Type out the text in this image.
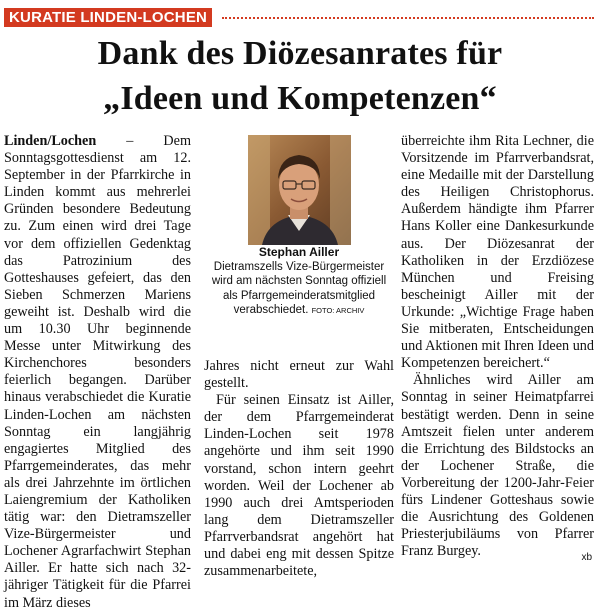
KURATIE LINDEN-LOCHEN
Dank des Diözesanrates für
„Ideen und Kompetenzen“

Linden/Lochen – Dem Sonntagsgottesdienst am 12. September in der Pfarrkirche in Linden kommt aus mehrerlei Gründen besondere Bedeutung zu. Zum einen wird drei Tage vor dem offiziellen Gedenktag das Patrozinium des Gotteshauses gefeiert, das den Sieben Schmerzen Mariens geweiht ist. Deshalb wird die um 10.30 Uhr beginnende Messe unter Mitwirkung des Kirchenchores besonders feierlich begangen. Darüber hinaus verabschiedet die Kuratie Linden-Lochen am nächsten Sonntag ein langjährig engagiertes Mitglied des Pfarrgemeinderates, das mehr als drei Jahrzehnte im örtlichen Laiengremium der Katholiken tätig war: den Dietramszeller Vize-Bürgermeister und Lochener Agrarfachwirt Stephan Ailler. Er hatte sich nach 32-jähriger Tätigkeit für die Pfarrei im März dieses

Stephan Ailler
Dietramszells Vize-Bürgermeister wird am nächsten Sonntag offiziell als Pfarrgemeinderatsmitglied verabschiedet. FOTO: ARCHIV

Jahres nicht erneut zur Wahl gestellt.

Für seinen Einsatz ist Ailler, der dem Pfarrgemeinderat Linden-Lochen seit 1978 angehörte und ihm seit 1990 vorstand, schon intern geehrt worden. Weil der Lochener ab 1990 auch drei Amtsperioden lang dem Dietramszeller Pfarrverbandsrat angehört hat und dabei eng mit dessen Spitze zusammenarbeitete,

überreichte ihm Rita Lechner, die Vorsitzende im Pfarrverbandsrat, eine Medaille mit der Darstellung des Heiligen Christophorus. Außerdem händigte ihm Pfarrer Hans Koller eine Dankesurkunde aus. Der Diözesanrat der Katholiken in der Erzdiözese München und Freising bescheinigt Ailler mit der Urkunde: „Wichtige Frage haben Sie mitberaten, Entscheidungen und Aktionen mit Ihren Ideen und Kompetenzen bereichert.“

Ähnliches wird Ailler am Sonntag in seiner Heimatpfarrei bestätigt werden. Denn in seine Amtszeit fielen unter anderem die Errichtung des Bildstocks an der Lochener Straße, die Vorbereitung der 1200-Jahr-Feier fürs Lindener Gotteshaus sowie die Ausrichtung des Goldenen Priesterjubiläums von Pfarrer Franz Burgey.	xb
